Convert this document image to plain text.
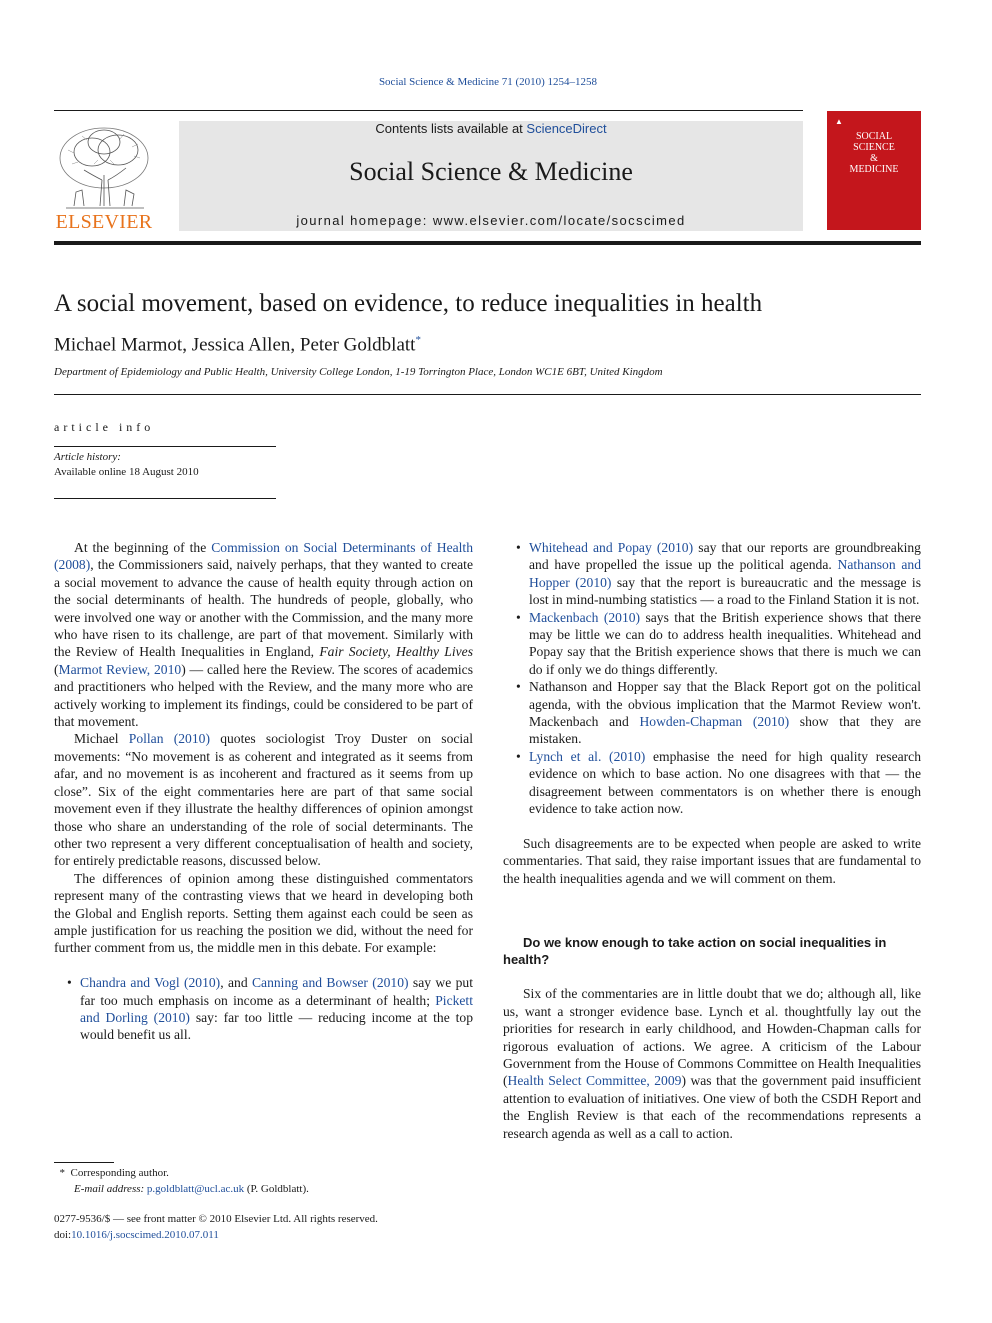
Social Science & Medicine 71 (2010) 1254–1258
ELSEVIER
Contents lists available at ScienceDirect
Social Science & Medicine
journal homepage: www.elsevier.com/locate/socscimed
▲
SOCIAL
SCIENCE
&
MEDICINE
A social movement, based on evidence, to reduce inequalities in health
Michael Marmot, Jessica Allen, Peter Goldblatt*
Department of Epidemiology and Public Health, University College London, 1-19 Torrington Place, London WC1E 6BT, United Kingdom
article info
Article history:
Available online 18 August 2010

At the beginning of the Commission on Social Determinants of Health (2008), the Commissioners said, naively perhaps, that they wanted to create a social movement to advance the cause of health equity through action on the social determinants of health. The hundreds of people, globally, who were involved one way or another with the Commission, and the many more who have risen to its challenge, are part of that movement. Similarly with the Review of Health Inequalities in England, Fair Society, Healthy Lives (Marmot Review, 2010) — called here the Review. The scores of academics and practitioners who helped with the Review, and the many more who are actively working to implement its findings, could be considered to be part of that movement.

Michael Pollan (2010) quotes sociologist Troy Duster on social movements: “No movement is as coherent and integrated as it seems from afar, and no movement is as incoherent and fractured as it seems from up close”. Six of the eight commentaries here are part of that same social movement even if they illustrate the healthy differences of opinion amongst those who share an understanding of the role of social determinants. The other two represent a very different conceptualisation of health and society, for entirely predictable reasons, discussed below.

The differences of opinion among these distinguished commentators represent many of the contrasting views that we heard in developing both the Global and English reports. Setting them against each could be seen as ample justification for us reaching the position we did, without the need for further comment from us, the middle men in this debate. For example:

• Chandra and Vogl (2010), and Canning and Bowser (2010) say we put far too much emphasis on income as a determinant of health; Pickett and Dorling (2010) say: far too little — reducing income at the top would benefit us all.
• Whitehead and Popay (2010) say that our reports are groundbreaking and have propelled the issue up the political agenda. Nathanson and Hopper (2010) say that the report is bureaucratic and the message is lost in mind-numbing statistics — a road to the Finland Station it is not.
• Mackenbach (2010) says that the British experience shows that there may be little we can do to address health inequalities. Whitehead and Popay say that the British experience shows that there is much we can do if only we do things differently.
• Nathanson and Hopper say that the Black Report got on the political agenda, with the obvious implication that the Marmot Review won't. Mackenbach and Howden-Chapman (2010) show that they are mistaken.
• Lynch et al. (2010) emphasise the need for high quality research evidence on which to base action. No one disagrees with that — the disagreement between commentators is on whether there is enough evidence to take action now.

Such disagreements are to be expected when people are asked to write commentaries. That said, they raise important issues that are fundamental to the health inequalities agenda and we will comment on them.

Do we know enough to take action on social inequalities in health?

Six of the commentaries are in little doubt that we do; although all, like us, want a stronger evidence base. Lynch et al. thoughtfully lay out the priorities for research in early childhood, and Howden-Chapman calls for rigorous evaluation of actions. We agree. A criticism of the Labour Government from the House of Commons Committee on Health Inequalities (Health Select Committee, 2009) was that the government paid insufficient attention to evaluation of initiatives. One view of both the CSDH Report and the English Review is that each of the recommendations represents a research agenda as well as a call to action.

* Corresponding author.
E-mail address: p.goldblatt@ucl.ac.uk (P. Goldblatt).
0277-9536/$ — see front matter © 2010 Elsevier Ltd. All rights reserved.
doi:10.1016/j.socscimed.2010.07.011
